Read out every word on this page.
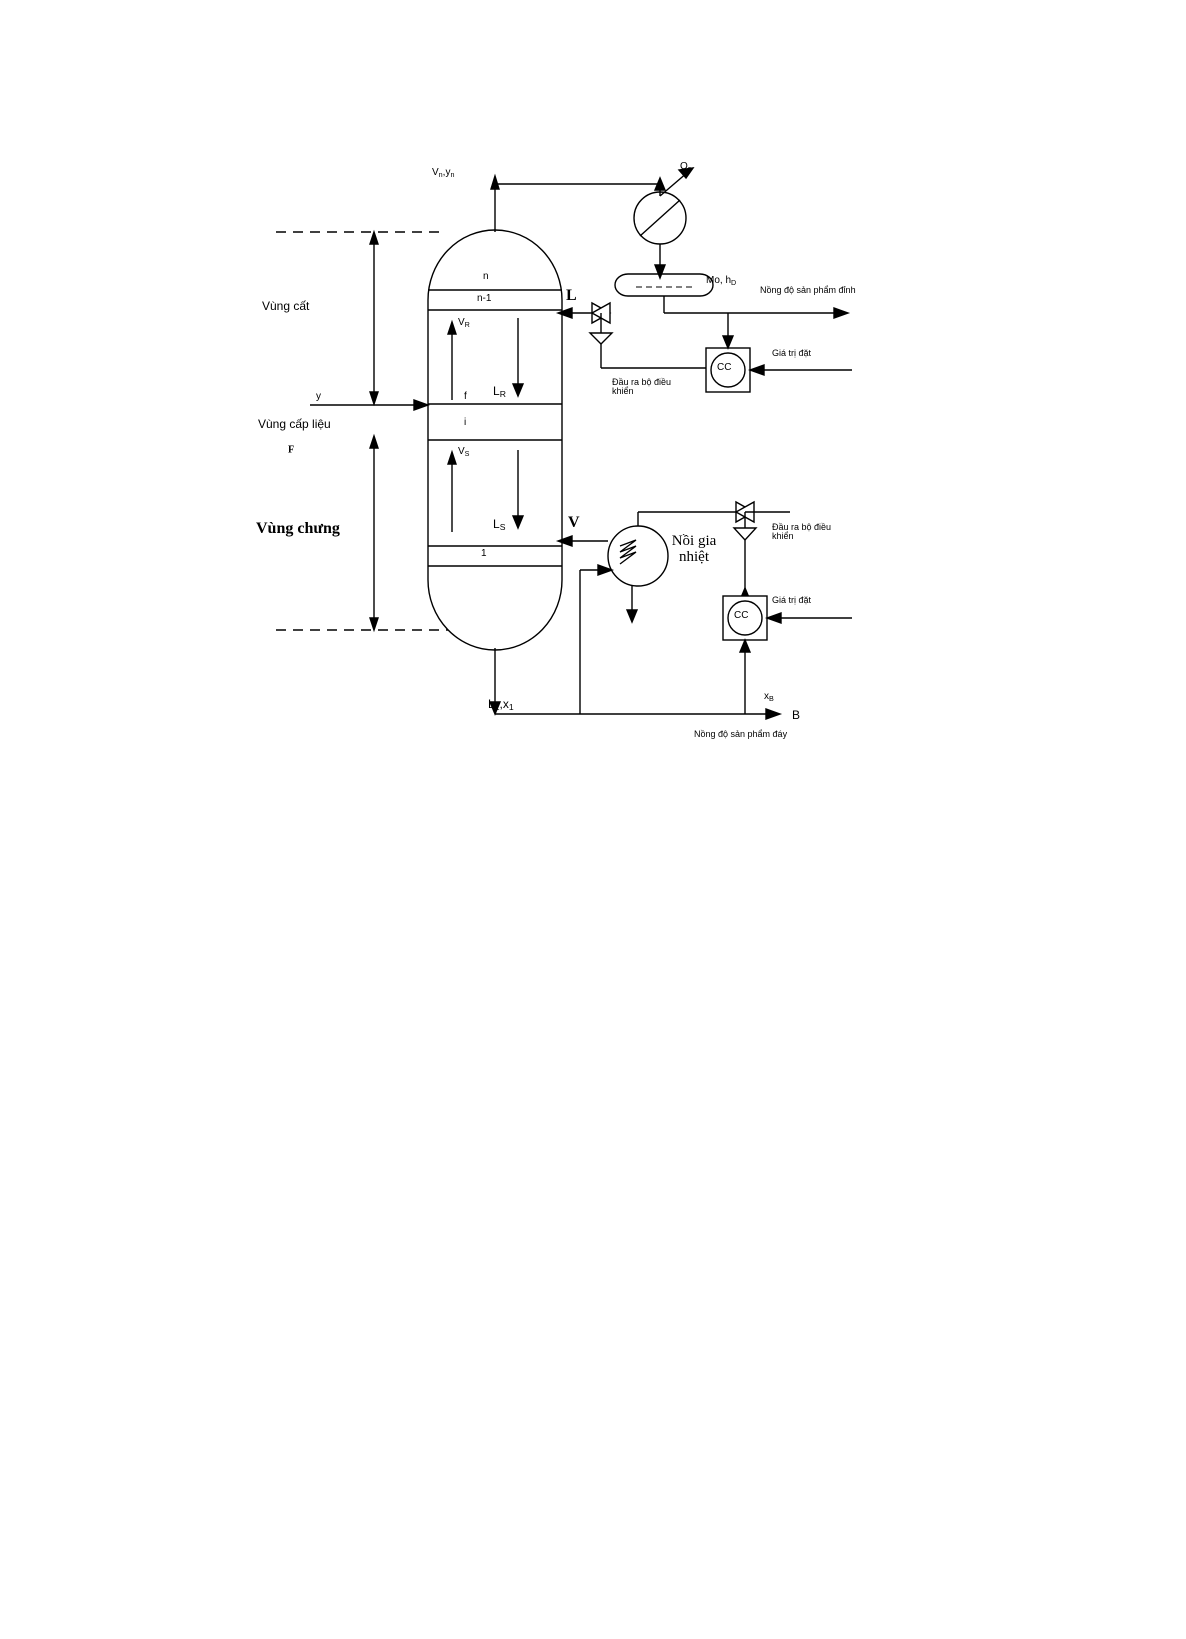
$V_n,y_n$
$Q_s$
Mo, $h_D$
Nồng độ sản phẩm đỉnh
L
Giá trị đặt
Đầu ra bộ điều
khiển
CC
n
n-1
f
i
1
$V_R$
$L_R$
$V_S$
$L_S$
Vùng cất
y
Vùng cấp liệu
$_F$
Vùng chưng	V
Nồi gia
nhiệt
Đầu ra bộ điều
khiển
Giá trị đặt
CC
$L_1,x_1$
$x_B$
B
Nồng độ sản phẩm đáy
